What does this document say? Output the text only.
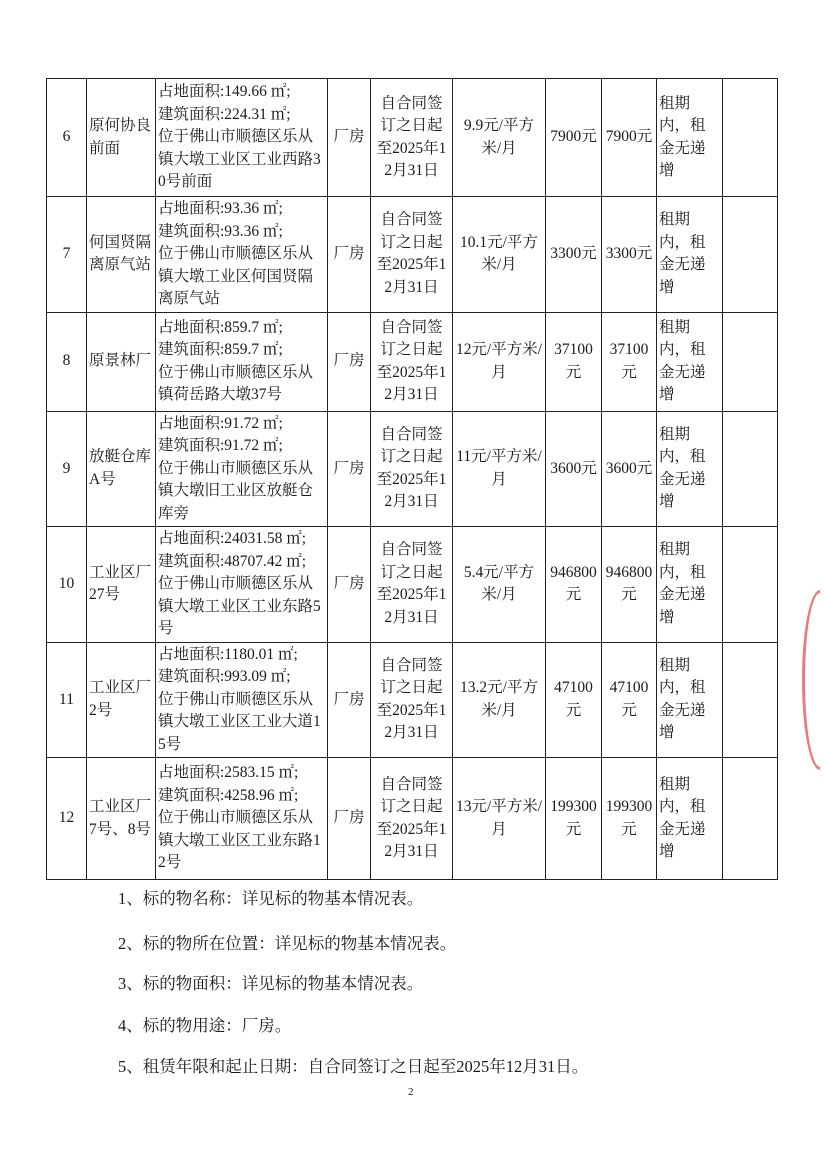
6	原何协良前面	占地面积:149.66 ㎡;
建筑面积:224.31 ㎡;
位于佛山市顺德区乐从镇大墩工业区工业西路30号前面	厂房	自合同签订之日起至2025年12月31日	9.9元/平方米/月	7900元	7900元	租期内，租金无递增	
7	何国贤隔离原气站	占地面积:93.36 ㎡;
建筑面积:93.36 ㎡;
位于佛山市顺德区乐从镇大墩工业区何国贤隔离原气站	厂房	自合同签订之日起至2025年12月31日	10.1元/平方米/月	3300元	3300元	租期内，租金无递增	
8	原景林厂	占地面积:859.7 ㎡;
建筑面积:859.7 ㎡;
位于佛山市顺德区乐从镇荷岳路大墩37号	厂房	自合同签订之日起至2025年12月31日	12元/平方米/月	37100元	37100元	租期内，租金无递增	
9	放艇仓库A号	占地面积:91.72 ㎡;
建筑面积:91.72 ㎡;
位于佛山市顺德区乐从镇大墩旧工业区放艇仓库旁	厂房	自合同签订之日起至2025年12月31日	11元/平方米/月	3600元	3600元	租期内，租金无递增	
10	工业区厂27号	占地面积:24031.58 ㎡;
建筑面积:48707.42 ㎡;
位于佛山市顺德区乐从镇大墩工业区工业东路5号	厂房	自合同签订之日起至2025年12月31日	5.4元/平方米/月	946800元	946800元	租期内，租金无递增	
11	工业区厂2号	占地面积:1180.01 ㎡;
建筑面积:993.09 ㎡;
位于佛山市顺德区乐从镇大墩工业区工业大道15号	厂房	自合同签订之日起至2025年12月31日	13.2元/平方米/月	47100元	47100元	租期内，租金无递增	
12	工业区厂7号、8号	占地面积:2583.15 ㎡;
建筑面积:4258.96 ㎡;
位于佛山市顺德区乐从镇大墩工业区工业东路12号	厂房	自合同签订之日起至2025年12月31日	13元/平方米/月	199300元	199300元	租期内，租金无递增	
1、标的物名称：详见标的物基本情况表。
2、标的物所在位置：详见标的物基本情况表。
3、标的物面积：详见标的物基本情况表。
4、标的物用途：厂房。
5、租赁年限和起止日期：自合同签订之日起至2025年12月31日。
2
